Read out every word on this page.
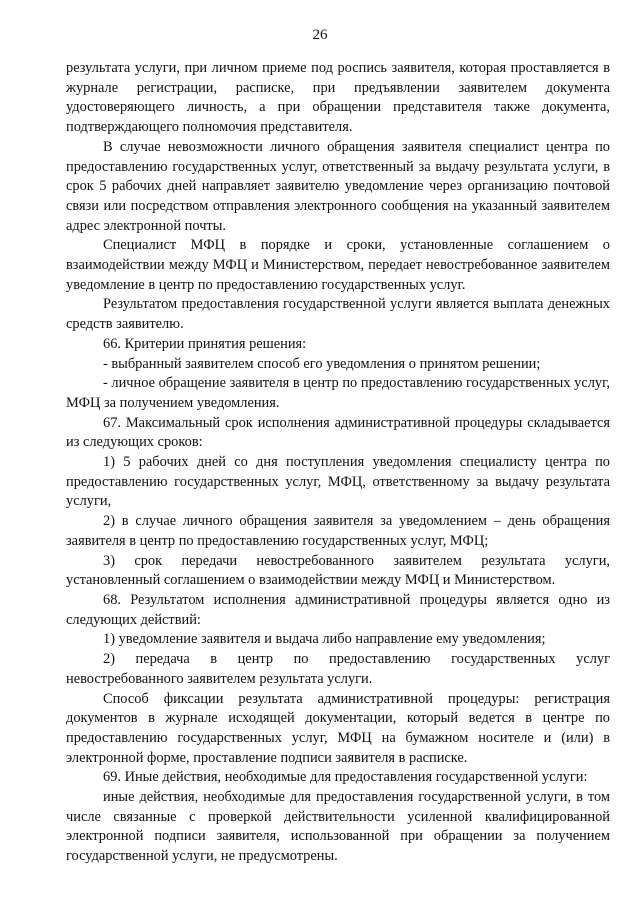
26

результата услуги, при личном приеме под роспись заявителя, которая проставляется в журнале регистрации, расписке, при предъявлении заявителем документа удостоверяющего личность, а при обращении представителя также документа, подтверждающего полномочия представителя.

В случае невозможности личного обращения заявителя специалист центра по предоставлению государственных услуг, ответственный за выдачу результата услуги, в срок 5 рабочих дней направляет заявителю уведомление через организацию почтовой связи или посредством отправления электронного сообщения на указанный заявителем адрес электронной почты.

Специалист МФЦ в порядке и сроки, установленные соглашением о взаимодействии между МФЦ и Министерством, передает невостребованное заявителем уведомление в центр по предоставлению государственных услуг.

Результатом предоставления государственной услуги является выплата денежных средств заявителю.

66. Критерии принятия решения:

- выбранный заявителем способ его уведомления о принятом решении;

- личное обращение заявителя в центр по предоставлению государственных услуг, МФЦ за получением уведомления.

67. Максимальный срок исполнения административной процедуры складывается из следующих сроков:

1) 5 рабочих дней со дня поступления уведомления специалисту центра по предоставлению государственных услуг, МФЦ, ответственному за выдачу результата услуги,

2) в случае личного обращения заявителя за уведомлением – день обращения заявителя в центр по предоставлению государственных услуг, МФЦ;

3) срок передачи невостребованного заявителем результата услуги, установленный соглашением о взаимодействии между МФЦ и Министерством.

68. Результатом исполнения административной процедуры является одно из следующих действий:

1) уведомление заявителя и выдача либо направление ему уведомления;

2) передача в центр по предоставлению государственных услуг невостребованного заявителем результата услуги.

Способ фиксации результата административной процедуры: регистрация документов в журнале исходящей документации, который ведется в центре по предоставлению государственных услуг, МФЦ на бумажном носителе и (или) в электронной форме, проставление подписи заявителя в расписке.

69. Иные действия, необходимые для предоставления государственной услуги:

иные действия, необходимые для предоставления государственной услуги, в том числе связанные с проверкой действительности усиленной квалифицированной электронной подписи заявителя, использованной при обращении за получением государственной услуги, не предусмотрены.
